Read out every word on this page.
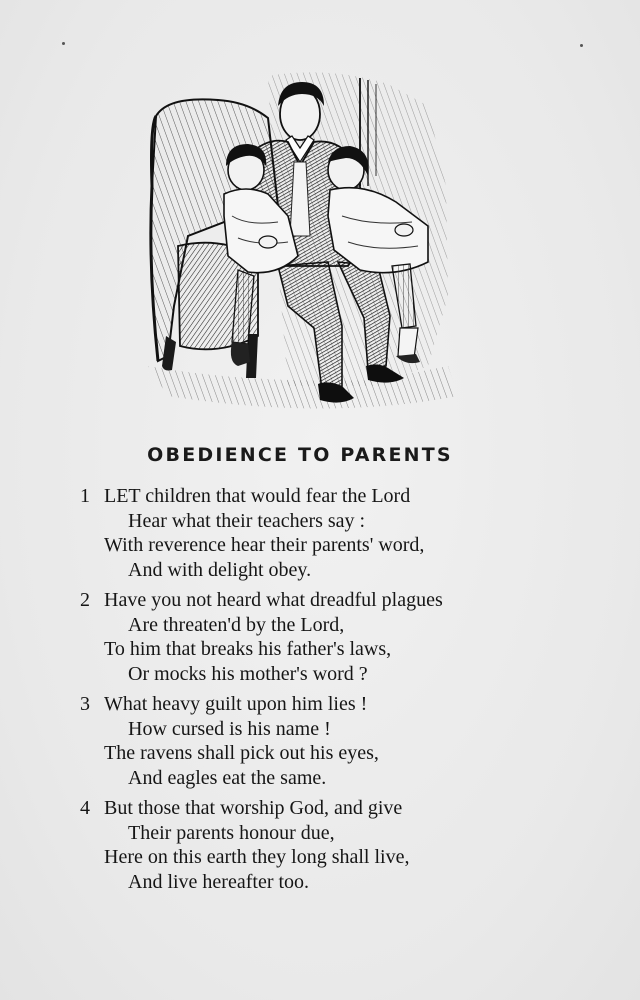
OBEDIENCE TO PARENTS
1 LET children that would fear the Lord
Hear what their teachers say :
With reverence hear their parents' word,
And with delight obey.
2 Have you not heard what dreadful plagues
Are threaten'd by the Lord,
To him that breaks his father's laws,
Or mocks his mother's word ?
3 What heavy guilt upon him lies !
How cursed is his name !
The ravens shall pick out his eyes,
And eagles eat the same.
4 But those that worship God, and give
Their parents honour due,
Here on this earth they long shall live,
And live hereafter too.
